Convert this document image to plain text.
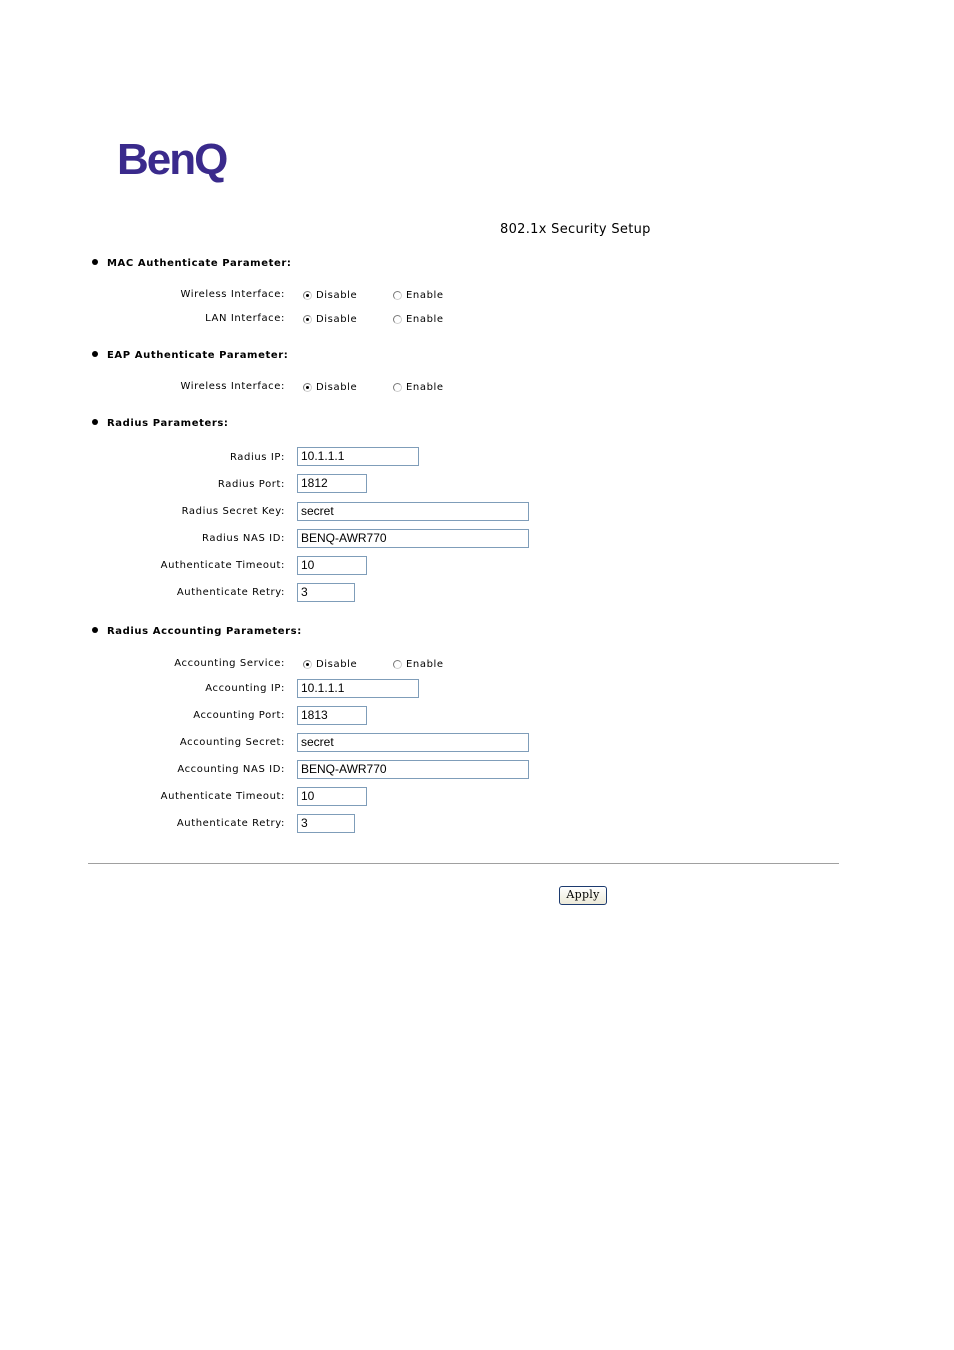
BenQ
802.1x Security Setup
MAC Authenticate Parameter:
Wireless Interface:	Disable	Enable
LAN Interface:	Disable	Enable
EAP Authenticate Parameter:
Wireless Interface:	Disable	Enable
Radius Parameters:
Radius IP:	10.1.1.1
Radius Port:	1812
Radius Secret Key:	secret
Radius NAS ID:	BENQ-AWR770
Authenticate Timeout:	10
Authenticate Retry:	3
Radius Accounting Parameters:
Accounting Service:	Disable	Enable
Accounting IP:	10.1.1.1
Accounting Port:	1813
Accounting Secret:	secret
Accounting NAS ID:	BENQ-AWR770
Authenticate Timeout:	10
Authenticate Retry:	3
Apply
